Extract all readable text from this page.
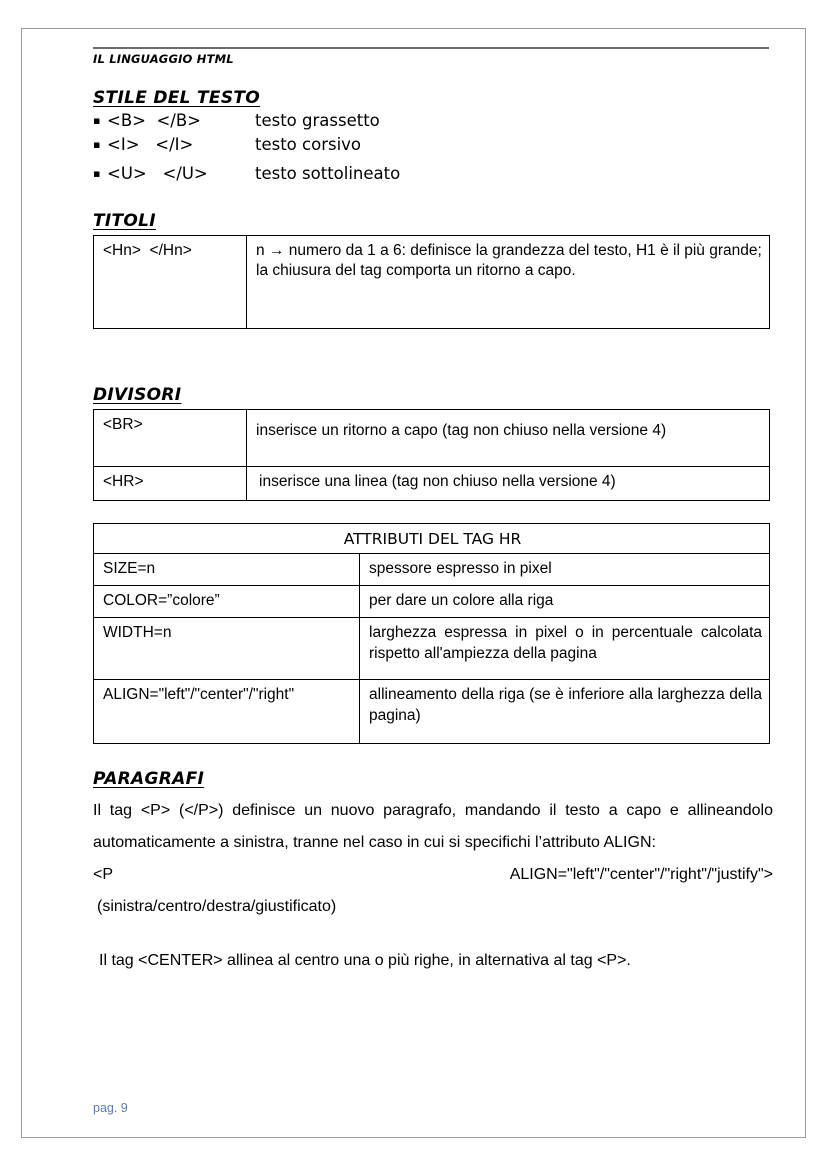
IL LINGUAGGIO HTML
STILE DEL TESTO
▪ <B>  </B>	testo grassetto
▪ <I>   </I>	testo corsivo
▪ <U>   </U>	testo sottolineato
TITOLI
<Hn>  </Hn>	n → numero da 1 a 6: definisce la grandezza del testo, H1 è il più grande; la chiusura del tag comporta un ritorno a capo.
DIVISORI
<BR>	inserisce un ritorno a capo (tag non chiuso nella versione 4)
<HR>	inserisce una linea (tag non chiuso nella versione 4)
ATTRIBUTI DEL TAG HR	
SIZE=n	spessore espresso in pixel
COLOR=”colore”	per dare un colore alla riga
WIDTH=n	larghezza espressa in pixel o in percentuale calcolata rispetto all'ampiezza della pagina
ALIGN="left"/"center"/"right"	allineamento della riga (se è inferiore alla larghezza della pagina)
PARAGRAFI

Il tag <P> (</P>) definisce un nuovo paragrafo, mandando il testo a capo e allineandolo automaticamente a sinistra, tranne nel caso in cui si specifichi l’attributo ALIGN:

<P	ALIGN="left"/"center"/"right"/"justify">

(sinistra/centro/destra/giustificato)

Il tag <CENTER> allinea al centro una o più righe, in alternativa al tag <P>.

pag. 9
